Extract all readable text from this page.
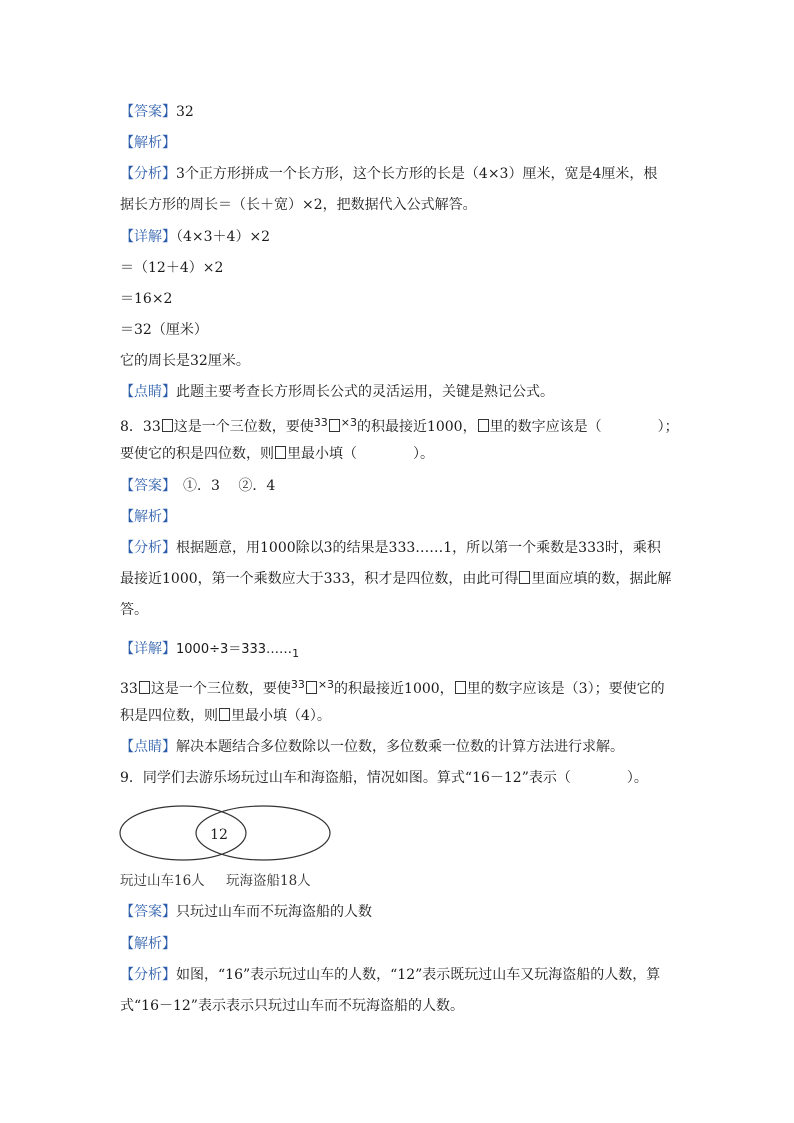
【答案】32
【解析】
【分析】3个正方形拼成一个长方形，这个长方形的长是（4×3）厘米，宽是4厘米，根
据长方形的周长＝（长＋宽）×2，把数据代入公式解答。
【详解】（4×3＋4）×2
＝（12＋4）×2
＝16×2
＝32（厘米）
它的周长是32厘米。
【点睛】此题主要考查长方形周长公式的灵活运用，关键是熟记公式。
8．33 这是一个三位数，要使$^{33}$ $^{\times 3}$的积最接近1000， 里的数字应该是（　　　　）；
要使它的积是四位数，则 里最小填（　　　　）。
【答案】　①．3　 ②．4
【解析】
【分析】根据题意，用1000除以3的结果是333……1，所以第一个乘数是333时，乘积
最接近1000，第一个乘数应大于333，积才是四位数，由此可得 里面应填的数，据此解
答。
【详解】$1000\div 3=333\dots\dots_1$
33 这是一个三位数，要使$^{33}$ $^{\times 3}$的积最接近1000， 里的数字应该是（3）；要使它的
积是四位数，则 里最小填（4）。
【点睛】解决本题结合多位数除以一位数，多位数乘一位数的计算方法进行求解。
9．同学们去游乐场玩过山车和海盗船，情况如图。算式“16－12”表示（　　　　）。
12
玩过山车16人 玩海盗船18人
【答案】只玩过山车而不玩海盗船的人数
【解析】
【分析】如图，“16”表示玩过山车的人数，“12”表示既玩过山车又玩海盗船的人数，算
式“16－12”表示表示只玩过山车而不玩海盗船的人数。
